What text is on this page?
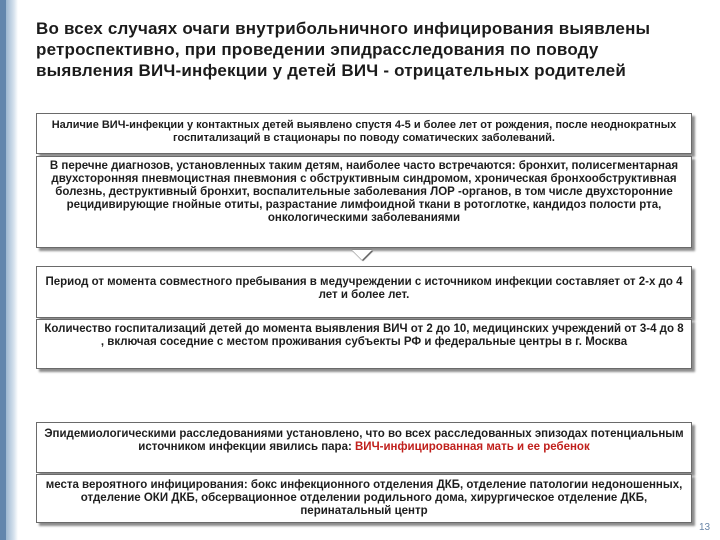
Во всех случаях очаги внутрибольничного инфицирования выявлены ретроспективно, при проведении эпидрасследования по поводу выявления ВИЧ-инфекции у детей ВИЧ - отрицательных родителей

Наличие ВИЧ-инфекции у контактных детей выявлено спустя 4-5 и более лет от рождения, после неоднократных госпитализаций в стационары по поводу соматических заболеваний.

В перечне диагнозов, установленных таким детям, наиболее часто встречаются: бронхит, полисегментарная двухсторонняя пневмоцистная пневмония с обструктивным синдромом, хроническая бронхообструктивная болезнь, деструктивный бронхит, воспалительные заболевания ЛОР -органов, в том числе двухсторонние рецидивирующие гнойные отиты, разрастание лимфоидной ткани в ротоглотке, кандидоз полости рта, онкологическими заболеваниями

Период от момента совместного пребывания в медучреждении с источником инфекции составляет от 2-х до 4 лет и более лет.

Количество госпитализаций детей до момента выявления ВИЧ от 2 до 10, медицинских учреждений от 3-4 до 8 , включая соседние с местом проживания субъекты РФ и федеральные центры в г. Москва

Эпидемиологическими расследованиями установлено, что во всех расследованных эпизодах потенциальным источником инфекции явились пара: ВИЧ-инфицированная мать и ее ребенок

места вероятного инфицирования: бокс инфекционного отделения ДКБ, отделение патологии недоношенных, отделение ОКИ ДКБ, обсервационное отделении родильного дома, хирургическое отделение ДКБ, перинатальный центр

13
